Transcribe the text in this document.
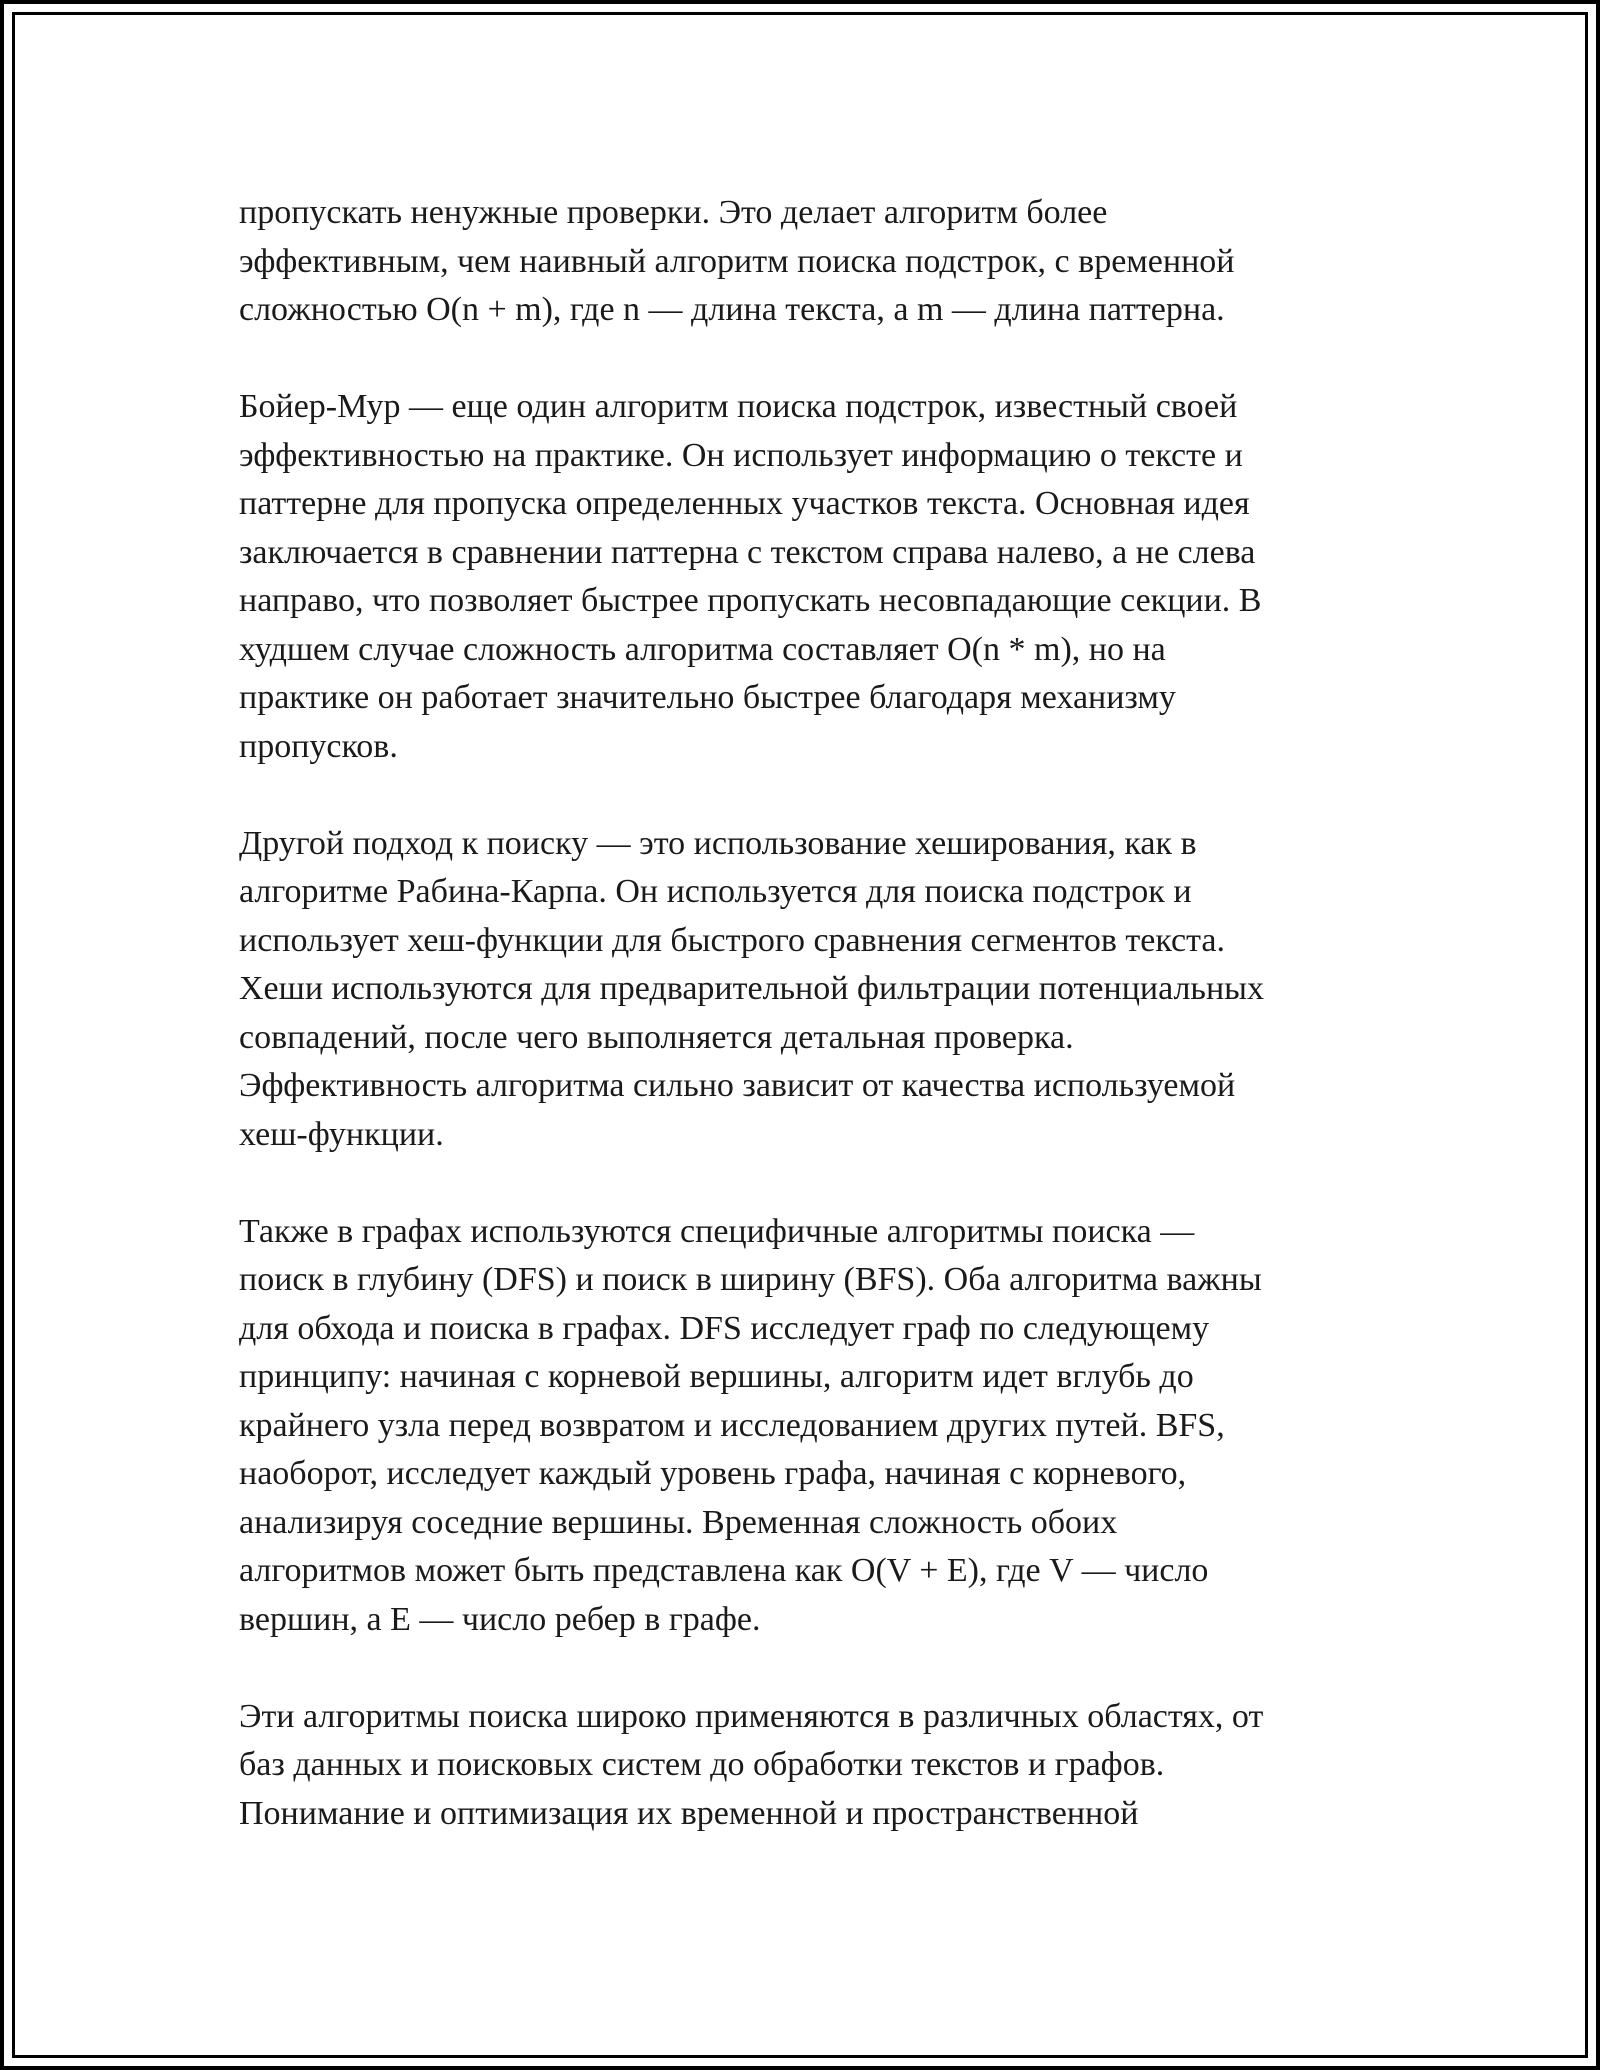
пропускать ненужные проверки. Это делает алгоритм более
эффективным, чем наивный алгоритм поиска подстрок, с временной
сложностью O(n + m), где n — длина текста, а m — длина паттерна.

Бойер-Мур — еще один алгоритм поиска подстрок, известный своей
эффективностью на практике. Он использует информацию о тексте и
паттерне для пропуска определенных участков текста. Основная идея
заключается в сравнении паттерна с текстом справа налево, а не слева
направо, что позволяет быстрее пропускать несовпадающие секции. В
худшем случае сложность алгоритма составляет O(n * m), но на
практике он работает значительно быстрее благодаря механизму
пропусков.

Другой подход к поиску — это использование хеширования, как в
алгоритме Рабина-Карпа. Он используется для поиска подстрок и
использует хеш-функции для быстрого сравнения сегментов текста.
Хеши используются для предварительной фильтрации потенциальных
совпадений, после чего выполняется детальная проверка.
Эффективность алгоритма сильно зависит от качества используемой
хеш-функции.

Также в графах используются специфичные алгоритмы поиска —
поиск в глубину (DFS) и поиск в ширину (BFS). Оба алгоритма важны
для обхода и поиска в графах. DFS исследует граф по следующему
принципу: начиная с корневой вершины, алгоритм идет вглубь до
крайнего узла перед возвратом и исследованием других путей. BFS,
наоборот, исследует каждый уровень графа, начиная с корневого,
анализируя соседние вершины. Временная сложность обоих
алгоритмов может быть представлена как O(V + E), где V — число
вершин, а E — число ребер в графе.

Эти алгоритмы поиска широко применяются в различных областях, от
баз данных и поисковых систем до обработки текстов и графов.
Понимание и оптимизация их временной и пространственной
